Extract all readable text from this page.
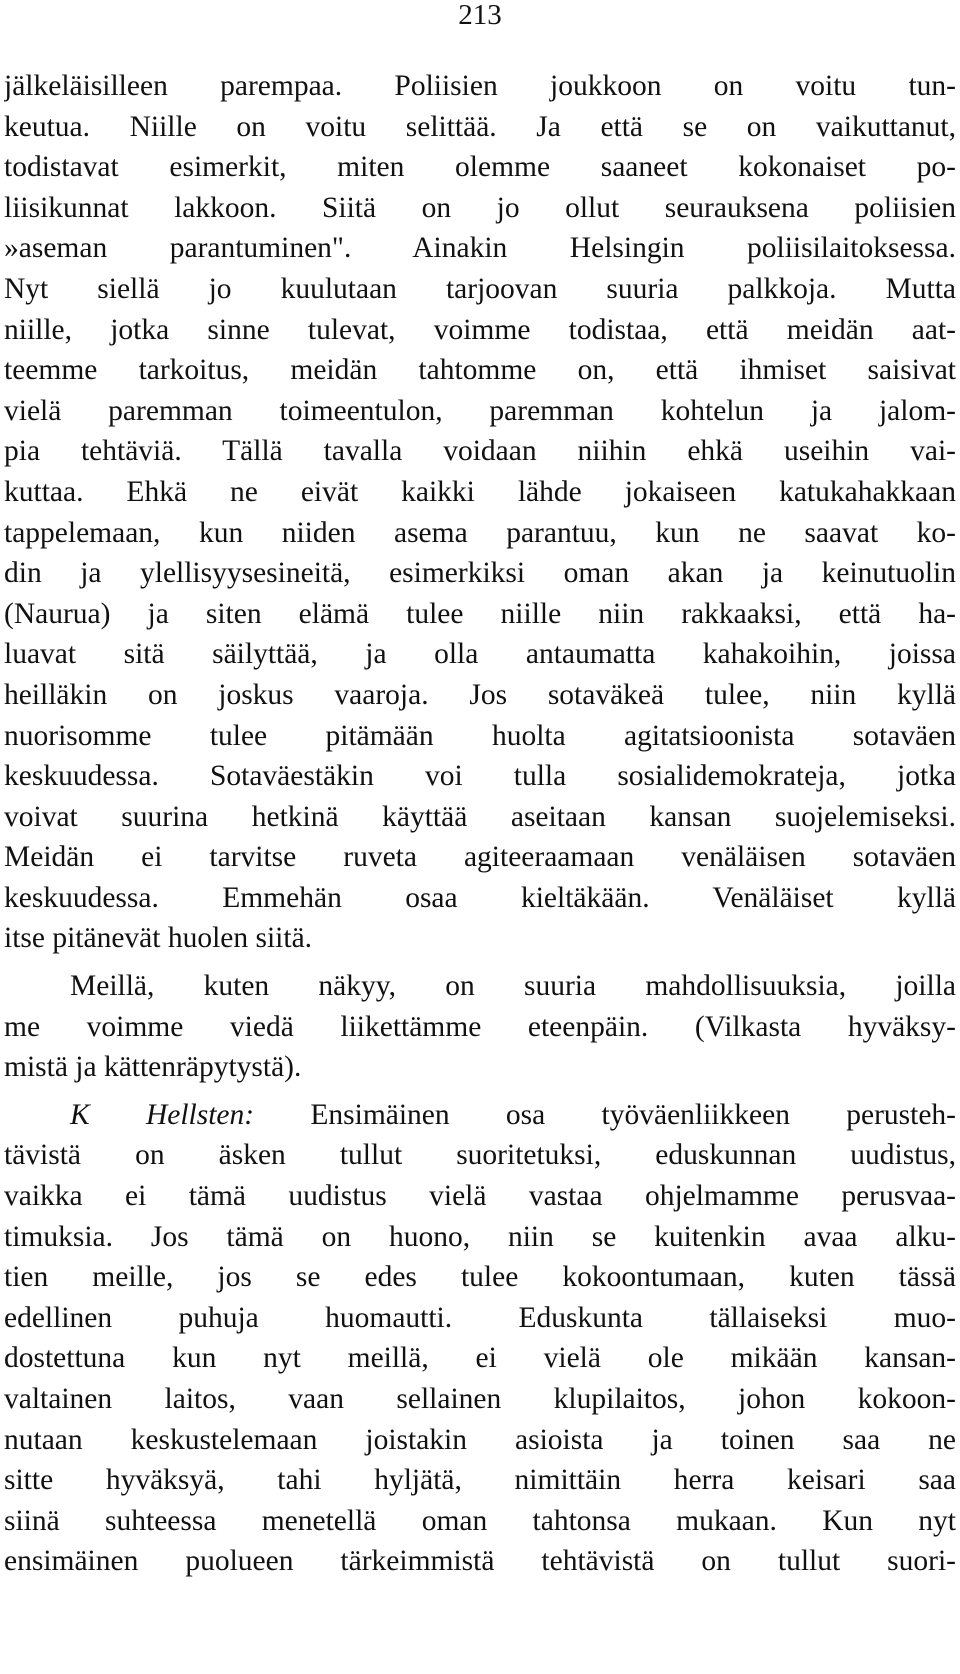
213
jälkeläisilleen parempaa. Poliisien joukkoon on voitu tun-
keutua. Niille on voitu selittää. Ja että se on vaikuttanut,
todistavat esimerkit, miten olemme saaneet kokonaiset po-
liisikunnat lakkoon. Siitä on jo ollut seurauksena poliisien
»aseman parantuminen". Ainakin Helsingin poliisilaitoksessa.
Nyt siellä jo kuulutaan tarjoovan suuria palkkoja. Mutta
niille, jotka sinne tulevat, voimme todistaa, että meidän aat-
teemme tarkoitus, meidän tahtomme on, että ihmiset saisivat
vielä paremman toimeentulon, paremman kohtelun ja jalom-
pia tehtäviä. Tällä tavalla voidaan niihin ehkä useihin vai-
kuttaa. Ehkä ne eivät kaikki lähde jokaiseen katukahakkaan
tappelemaan, kun niiden asema parantuu, kun ne saavat ko-
din ja ylellisyysesineitä, esimerkiksi oman akan ja keinutuolin
(Naurua) ja siten elämä tulee niille niin rakkaaksi, että ha-
luavat sitä säilyttää, ja olla antaumatta kahakoihin, joissa
heilläkin on joskus vaaroja. Jos sotaväkeä tulee, niin kyllä
nuorisomme tulee pitämään huolta agitatsioonista sotaväen
keskuudessa. Sotaväestäkin voi tulla sosialidemokrateja, jotka
voivat suurina hetkinä käyttää aseitaan kansan suojelemiseksi.
Meidän ei tarvitse ruveta agiteeraamaan venäläisen sotaväen
keskuudessa. Emmehän osaa kieltäkään. Venäläiset kyllä
itse pitänevät huolen siitä.
Meillä, kuten näkyy, on suuria mahdollisuuksia, joilla
me voimme viedä liikettämme eteenpäin. (Vilkasta hyväksy-
mistä ja kättenräpytystä).
K Hellsten: Ensimäinen osa työväenliikkeen perusteh-
tävistä on äsken tullut suoritetuksi, eduskunnan uudistus,
vaikka ei tämä uudistus vielä vastaa ohjelmamme perusvaa-
timuksia. Jos tämä on huono, niin se kuitenkin avaa alku-
tien meille, jos se edes tulee kokoontumaan, kuten tässä
edellinen puhuja huomautti. Eduskunta tällaiseksi muo-
dostettuna kun nyt meillä, ei vielä ole mikään kansan-
valtainen laitos, vaan sellainen klupilaitos, johon kokoon-
nutaan keskustelemaan joistakin asioista ja toinen saa ne
sitte hyväksyä, tahi hyljätä, nimittäin herra keisari saa
siinä suhteessa menetellä oman tahtonsa mukaan. Kun nyt
ensimäinen puolueen tärkeimmistä tehtävistä on tullut suori-
